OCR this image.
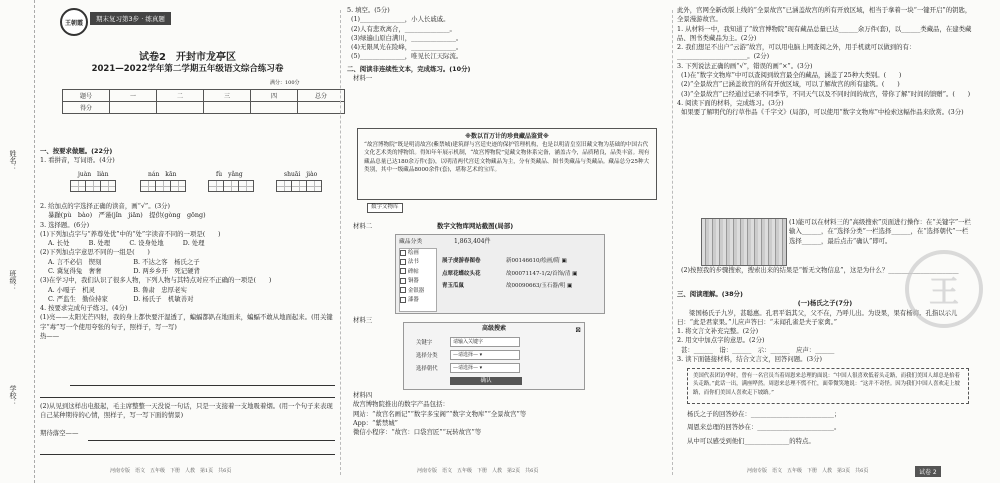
姓名：
班级：
学校：
王朝霞	期末复习第3步 · 练真题
试卷2　开封市龙亭区
2021—2022学年第二学期五年级语文综合练习卷
满分：100分
题号	一	二	三	四	总分
得分					

一、按要求做题。(22分)

1. 看拼音，写词语。(4分)

juàn　liàn	nán　kān	fù　yǎng	shuāi　jiào

2. 给加点的字选择正确的读音，画“√”。(3分)

暴躁(pù　bào)　严谨(jǐn　jiān)　提供(gòng　gōng)

3. 选择题。(6分)

(1)下列加点字与“养尊处优”中的“处”字读音不同的一项是(　　)

A. 长处　　　B. 处理　　　C. 设身处地　　　D. 处理

(2)下列加点字意思不同的一组是(　　)

A. 言不必信　锲刻　　　　　B. 不达之客　杨氏之子

C. 冀复得兔　奢奢　　　　　D. 两乡乡开　死记硬背

(3)在学习中，我们认识了很多人物，下列人物与其特点对应不正确的一项是(　　)

A. 小嘎子　机灵　　　　　　B. 鲁肃　忠厚老实

C. 严监生　勤俭持家　　　　D. 杨氏子　机敏善对

4. 按要求完成句子练习。(4分)

(1)亮——太阳光芒四射，我的身上都快要汗湿透了，蝙蝠都趴在地面来，蝙蝠不敢从地面起来。(用关键字“毒”写一个使用夸张的句子，照样子，写一写)

热——

(2)从见到这样出电报起，毛主席整整一天没说一句话，只是一支接着一支地吸着烟。(用一个句子来表现自己某种期待的心情，照样子，写一写下面的情景)

期待落空——

河南专版　语文　五年级　下册　人教　第1页　共6页

5. 填空。(5分)

(1)______________，小人长戚戚。

(2)人有悲欢离合，______________。

(3)绿遍山原白满川，______________。

(4)无限风光在险峰，______________。

(5)______________，唯见长江天际流。

二、阅读非连续性文本，完成练习。(10分)

材料一

※数以百万计的珍贵藏品鉴赏※
“故宫博物院”既是明清故宫(紫禁城)建筑群与宫廷史迹的保护管理机构，也是以明清皇室旧藏文物为基础的中国古代文化艺术类的博物馆。得知年年展示机制，“故宫博物院”觉藏文物体系完备，涵盖古今，品质精良，品类丰富。现有藏品总量已达180余万件(套)，以明清两代宫廷文物藏品为主，分有类藏品、图书类藏品与类藏品。藏品总分25种大类别，其中一级藏品8000余件(套)，堪称艺术的宝库。
数字文物库
材料二	数字文物库网站截图(局部)
藏品分类	1,863,404件
绘画
法书
碑帖
铜器
金银器
漆器
展子虔游春图卷	新00146610/绘画/隋 ▣
点翠花蝶纹头花	故00071147-1/2/首饰/清 ▣
青玉瓜鼠	故00090663/玉石器/明 ▣
材料三
高级搜索	⊠
关键字	请输入关键字
选择分类	—请选择— ▾
选择朝代	—请选择— ▾
确认

材料四

故宫博物院推出的数字产品包括：

网站：“故宫名画记”“数字多宝阁”“数字文物库”“全景故宫”等

App：“紫禁城”

微信小程序：“故宫：口袋宫匠”“玩转故宫”等

河南专版　语文　五年级　下册　人教　第2页　共6页

此外，官网全新改版上线的“全景故宫”已涵盖故宫的所有开放区域，相当于拿着一块“一键开启”的钥匙，全景漫游故宫。

1. 从材料一中，我知道了“故宫博物院”现有藏品总量已达______余万件(套)，以______类藏品，在建类藏品、图书类藏品为主。(2分)

2. 我们想足不出户“云游”故宫，可以用电脑上网查阅之外，用手机就可以做到的有：______________________。(2分)

3. 下列说法正确的画“√”，错误的画“×”。(3分)

(1)在“数字文物库”中可以查阅到故宫最全的藏品，涵盖了25种大类别。(　　)

(2)“全景故宫”已涵盖故宫的所有开放区域，可以了解故宫的所有建筑。(　　)

(3)“全景故宫”已经通过记录不同季节，不同天气以及不同时间的故宫，带你了解“时间的馈赠”。(　　)

4. 阅读下面的材料，完成练习。(3分)

如果要了解明代的行草作品《千字文》(局部)，可以使用“数字文物库”中检索这幅作品来欣赏。(3分)

(1)能可以在材料三的“高级搜索”页面进行操作：在“关键字”一栏输入______，在“选择分类”一栏选择______，在“选择朝代”一栏选择______，最后点击“确认”即可。

(2)按照我的步骤搜索，搜索出来的结果是“暂无文物信息”，这是为什么？______________________

三、阅读理解。(38分)

(一)杨氏之子(7分)

梁国杨氏子九岁，甚聪惠。孔君平诣其父，父不在，乃呼儿出。为设果，果有杨梅。孔指以示儿曰：“此是君家果。”儿应声答曰：“未闻孔雀是夫子家禽。”

1. 将文言文补充完整。(2分)

2. 用文中加点字的意思。(2分)

甚：______　诣：______　示：______　应声：______

3. 读下面链接材料，结合文言文，回答问题。(3分)

美国代表团访华时，曾有一名官员当着周恩来总理的面说：“中国人很喜欢低着头走路，而我们美国人却总是抬着头走路。”此话一出，满座哗然。周恩来总理不慌不忙，面带微笑地说：“这并不奇怪。因为我们中国人喜欢走上坡路，而你们美国人喜欢走下坡路。”

杨氏之子的回答妙在：__________________________；

周恩来总理的回答妙在：________________________。

从中可以感受到他们______________的特点。

河南专版　语文　五年级　下册　人教　第3页　共6页
王
试卷 2
